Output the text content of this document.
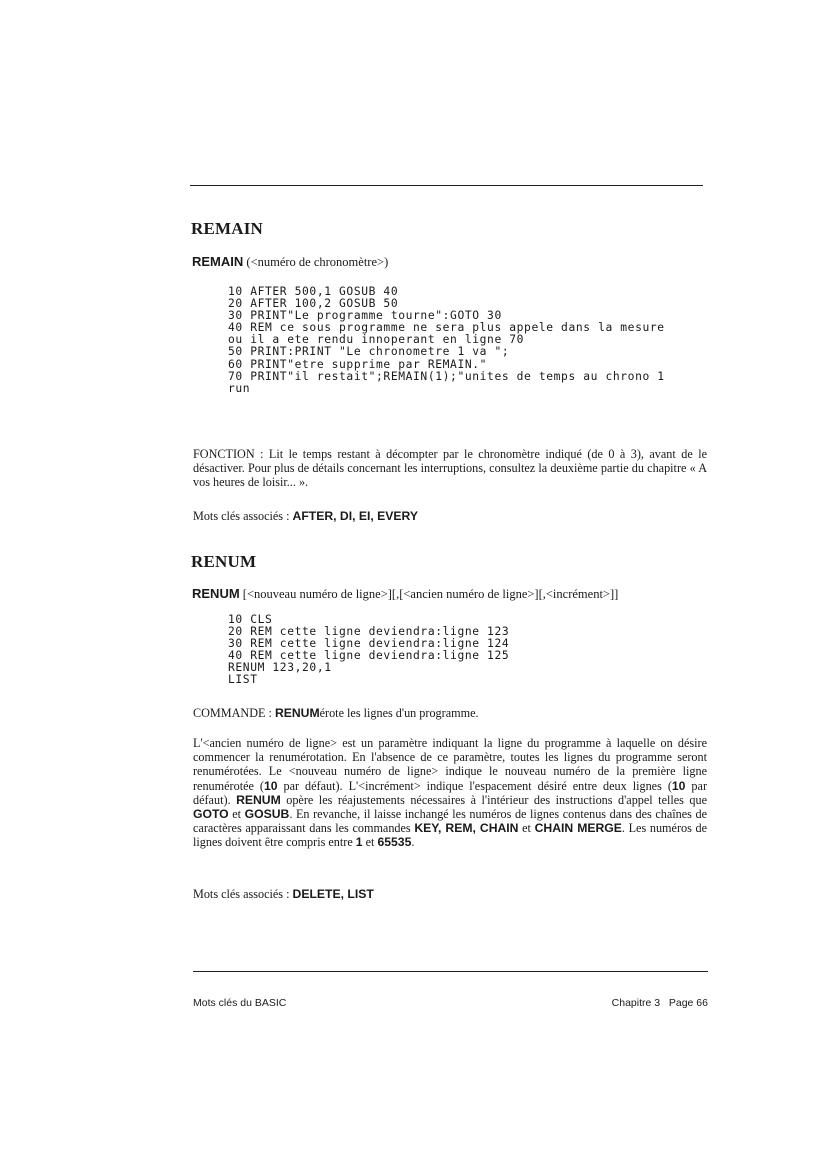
REMAIN
REMAIN (<numéro de chronomètre>)
10 AFTER 500,1 GOSUB 40
20 AFTER 100,2 GOSUB 50
30 PRINT"Le programme tourne":GOTO 30
40 REM ce sous programme ne sera plus appele dans la mesure
ou il a ete rendu innoperant en ligne 70
50 PRINT:PRINT "Le chronometre 1 va ";
60 PRINT"etre supprime par REMAIN."
70 PRINT"il restait";REMAIN(1);"unites de temps au chrono 1
run

FONCTION : Lit le temps restant à décompter par le chronomètre indiqué (de 0 à 3), avant de le désactiver. Pour plus de détails concernant les interruptions, consultez la deuxième partie du chapitre « A vos heures de loisir... ».

Mots clés associés : AFTER, DI, EI, EVERY

RENUM
RENUM [<nouveau numéro de ligne>][,[<ancien numéro de ligne>][,<incrément>]]
10 CLS
20 REM cette ligne deviendra:ligne 123
30 REM cette ligne deviendra:ligne 124
40 REM cette ligne deviendra:ligne 125
RENUM 123,20,1
LIST

COMMANDE : RENUMérote les lignes d'un programme.

L'<ancien numéro de ligne> est un paramètre indiquant la ligne du programme à laquelle on désire commencer la renumérotation. En l'absence de ce paramètre, toutes les lignes du programme seront renumérotées. Le <nouveau numéro de ligne> indique le nouveau numéro de la première ligne renumérotée (10 par défaut). L'<incrément> indique l'espacement désiré entre deux lignes (10 par défaut). RENUM opère les réajustements nécessaires à l'intérieur des instructions d'appel telles que GOTO et GOSUB. En revanche, il laisse inchangé les numéros de lignes contenus dans des chaînes de caractères apparaissant dans les commandes KEY, REM, CHAIN et CHAIN MERGE. Les numéros de lignes doivent être compris entre 1 et 65535.

Mots clés associés : DELETE, LIST

Mots clés du BASIC	Chapitre 3   Page 66
